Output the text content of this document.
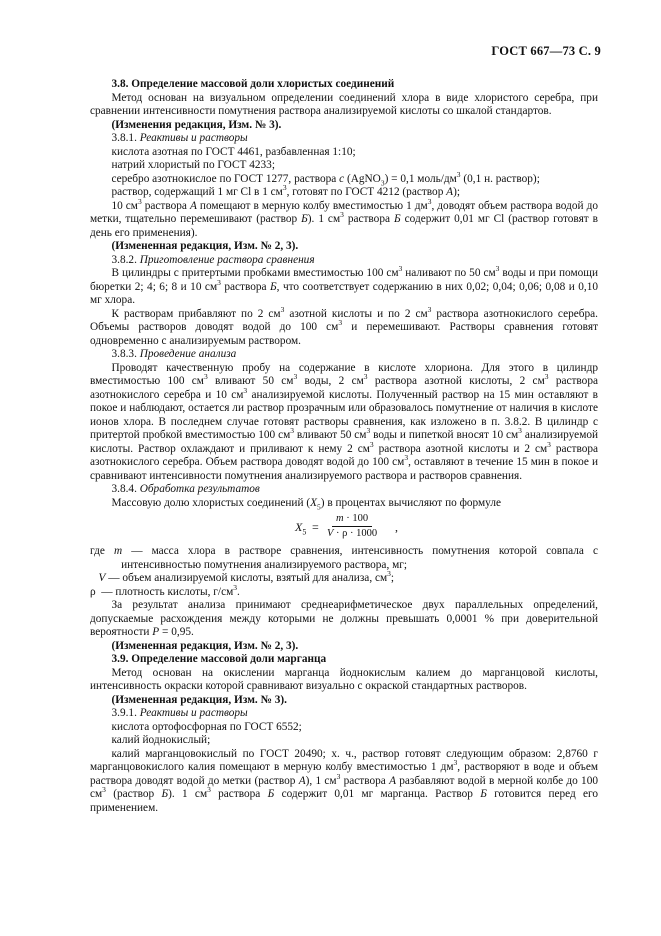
ГОСТ 667—73 С. 9

3.8. Определение массовой доли хлористых соединений

Метод основан на визуальном определении соединений хлора в виде хлористого серебра, при сравнении интенсивности помутнения раствора анализируемой кислоты со шкалой стандартов.

(Изменения редакция, Изм. № 3).

3.8.1. Реактивы и растворы

кислота азотная по ГОСТ 4461, разбавленная 1:10;

натрий хлористый по ГОСТ 4233;

серебро азотнокислое по ГОСТ 1277, раствора c (AgNO$_3$) = 0,1 моль/$дм^3$ (0,1 н. раствор);

раствор, содержащий 1 мг Cl в 1 $см^3$, готовят по ГОСТ 4212 (раствор А);

10 $см^3$ раствора А помещают в мерную колбу вместимостью 1 $дм^3$, доводят объем раствора водой до метки, тщательно перемешивают (раствор Б). 1 $см^3$ раствора Б содержит 0,01 мг Cl (раствор готовят в день его применения).

(Измененная редакция, Изм. № 2, 3).

3.8.2. Приготовление раствора сравнения

В цилиндры с притертыми пробками вместимостью 100 $см^3$ наливают по 50 $см^3$ воды и при помощи бюретки 2; 4; 6; 8 и 10 $см^3$ раствора Б, что соответствует содержанию в них 0,02; 0,04; 0,06; 0,08 и 0,10 мг хлора.

К растворам прибавляют по 2 $см^3$ азотной кислоты и по 2 $см^3$ раствора азотнокислого серебра. Объемы растворов доводят водой до 100 $см^3$ и перемешивают. Растворы сравнения готовят одновременно с анализируемым раствором.

3.8.3. Проведение анализа

Проводят качественную пробу на содержание в кислоте хлориона. Для этого в цилиндр вместимостью 100 $см^3$ вливают 50 $см^3$ воды, 2 $см^3$ раствора азотной кислоты, 2 $см^3$ раствора азотнокислого серебра и 10 $см^3$ анализируемой кислоты. Полученный раствор на 15 мин оставляют в покое и наблюдают, остается ли раствор прозрачным или образовалось помутнение от наличия в кислоте ионов хлора. В последнем случае готовят растворы сравнения, как изложено в п. 3.8.2. В цилиндр с притертой пробкой вместимостью 100 $см^3$ вливают 50 $см^3$ воды и пипеткой вносят 10 $см^3$ анализируемой кислоты. Раствор охлаждают и приливают к нему 2 $см^3$ раствора азотной кислоты и 2 $см^3$ раствора азотнокислого серебра. Объем раствора доводят водой до 100 $см^3$, оставляют в течение 15 мин в покое и сравнивают интенсивности помутнения анализируемого раствора и растворов сравнения.

3.8.4. Обработка результатов

Массовую долю хлористых соединений $(X_5)$ в процентах вычисляют по формуле

$X_5 = \frac{m \cdot 100}{V \cdot \rho \cdot 1000}$ ,

где m — масса хлора в растворе сравнения, интенсивность помутнения которой совпала с интенсивностью помутнения анализируемого раствора, мг;

V — объем анализируемой кислоты, взятый для анализа, $см^3$;

ρ — плотность кислоты, $г/см^3$.

За результат анализа принимают среднеарифметическое двух параллельных определений, допускаемые расхождения между которыми не должны превышать 0,0001 % при доверительной вероятности P = 0,95.

(Измененная редакция, Изм. № 2, 3).

3.9. Определение массовой доли марганца

Метод основан на окислении марганца йоднокислым калием до марганцовой кислоты, интенсивность окраски которой сравнивают визуально с окраской стандартных растворов.

(Измененная редакция, Изм. № 3).

3.9.1. Реактивы и растворы

кислота ортофосфорная по ГОСТ 6552;

калий йоднокислый;

калий марганцовокислый по ГОСТ 20490; х. ч., раствор готовят следующим образом: 2,8760 г марганцовокислого калия помещают в мерную колбу вместимостью 1 $дм^3$, растворяют в воде и объем раствора доводят водой до метки (раствор А), 1 $см^3$ раствора А разбавляют водой в мерной колбе до 100 $см^3$ (раствор Б). 1 $см^3$ раствора Б содержит 0,01 мг марганца. Раствор Б готовится перед его применением.
